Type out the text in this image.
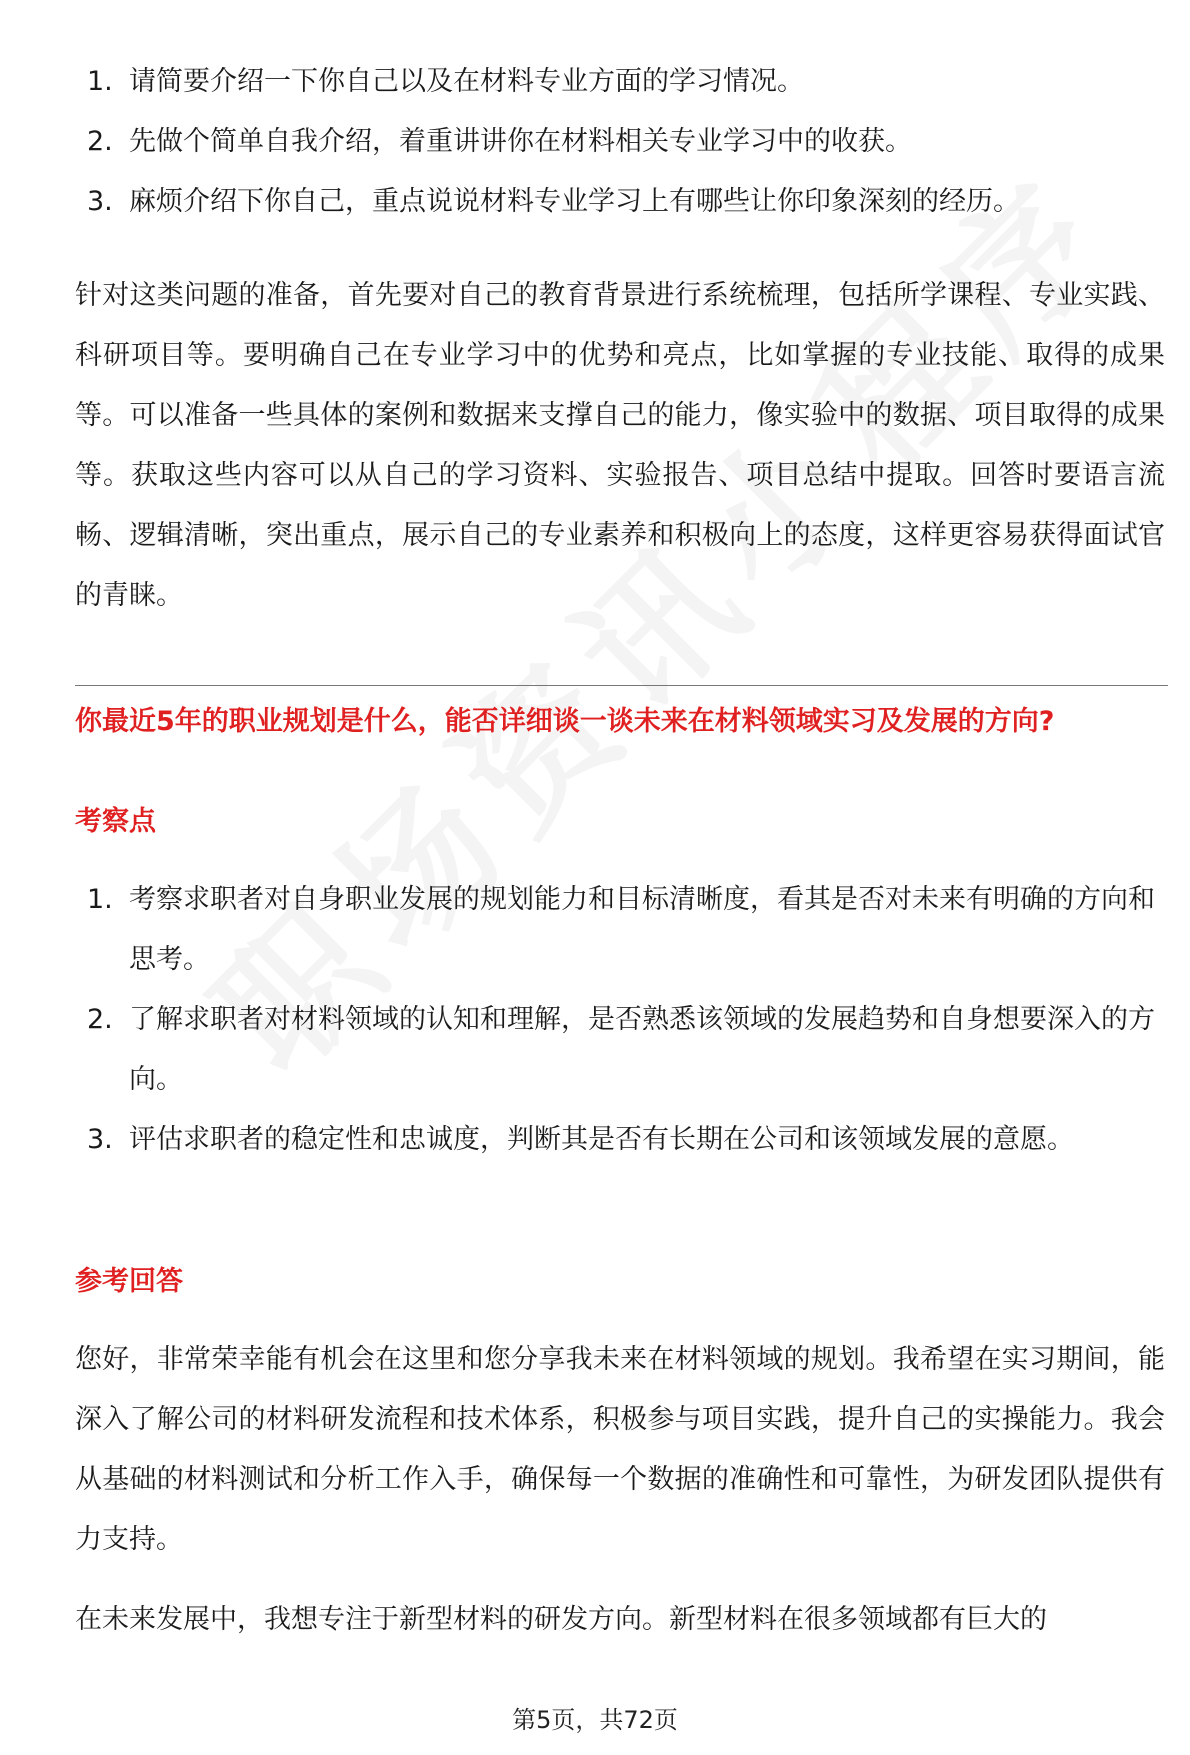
1. 请简要介绍一下你自己以及在材料专业方面的学习情况。
2. 先做个简单自我介绍，着重讲讲你在材料相关专业学习中的收获。
3. 麻烦介绍下你自己，重点说说材料专业学习上有哪些让你印象深刻的经历。

针对这类问题的准备，首先要对自己的教育背景进行系统梳理，包括所学课程、专业实践、科研项目等。要明确自己在专业学习中的优势和亮点，比如掌握的专业技能、取得的成果等。可以准备一些具体的案例和数据来支撑自己的能力，像实验中的数据、项目取得的成果等。获取这些内容可以从自己的学习资料、实验报告、项目总结中提取。回答时要语言流畅、逻辑清晰，突出重点，展示自己的专业素养和积极向上的态度，这样更容易获得面试官的青睐。

你最近5年的职业规划是什么，能否详细谈一谈未来在材料领域实习及发展的方向?
考察点
1. 考察求职者对自身职业发展的规划能力和目标清晰度，看其是否对未来有明确的方向和思考。
2. 了解求职者对材料领域的认知和理解，是否熟悉该领域的发展趋势和自身想要深入的方向。
3. 评估求职者的稳定性和忠诚度，判断其是否有长期在公司和该领域发展的意愿。
参考回答

您好，非常荣幸能有机会在这里和您分享我未来在材料领域的规划。我希望在实习期间，能深入了解公司的材料研发流程和技术体系，积极参与项目实践，提升自己的实操能力。我会从基础的材料测试和分析工作入手，确保每一个数据的准确性和可靠性，为研发团队提供有力支持。

在未来发展中，我想专注于新型材料的研发方向。新型材料在很多领域都有巨大的

第5页，共72页
